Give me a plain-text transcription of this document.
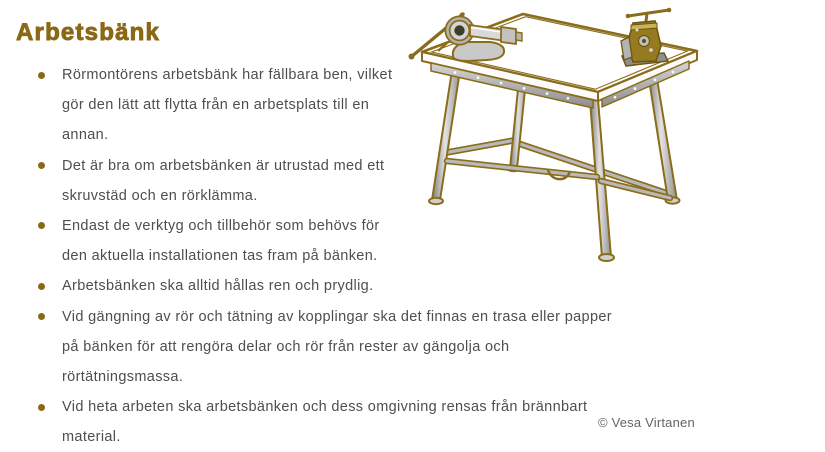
Arbetsbänk
Rörmontörens arbetsbänk har fällbara ben, vilket
gör den lätt att flytta från en arbetsplats till en
annan.
Det är bra om arbetsbänken är utrustad med ett
skruvstäd och en rörklämma.
Endast de verktyg och tillbehör som behövs för
den aktuella installationen tas fram på bänken.
Arbetsbänken ska alltid hållas ren och prydlig.
Vid gängning av rör och tätning av kopplingar ska det finnas en trasa eller papper
på bänken för att rengöra delar och rör från rester av gängolja och
rörtätningsmassa.
Vid heta arbeten ska arbetsbänken och dess omgivning rensas från brännbart
material.
© Vesa Virtanen
